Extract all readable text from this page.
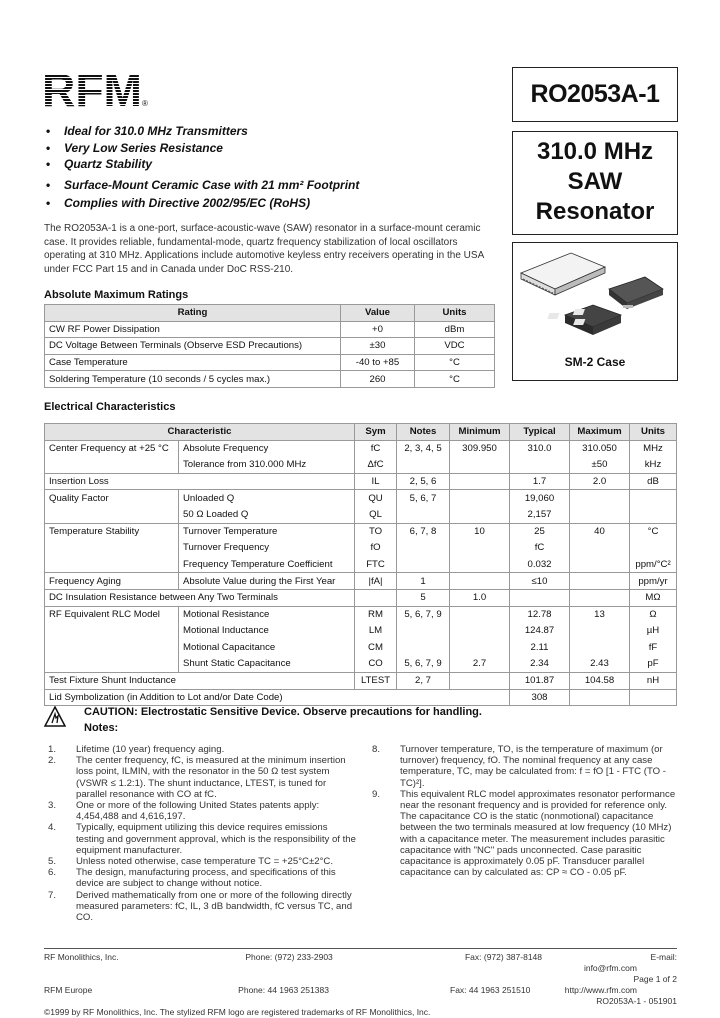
RFM ®	RO2053A-1
310.0 MHz
SAW
Resonator
SM-2 Case
• Ideal for 310.0 MHz Transmitters
• Very Low Series Resistance
• Quartz Stability
• Surface-Mount Ceramic Case with 21 mm² Footprint
• Complies with Directive 2002/95/EC (RoHS)

The RO2053A-1 is a one-port, surface-acoustic-wave (SAW) resonator in a surface-mount ceramic case. It provides reliable, fundamental-mode, quartz frequency stabilization of local oscillators operating at 310 MHz. Applications include automotive keyless entry receivers operating in the USA under FCC Part 15 and in Canada under DoC RSS-210.

Absolute Maximum Ratings
Rating	Value	Units
CW RF Power Dissipation	+0	dBm
DC Voltage Between Terminals (Observe ESD Precautions)	±30	VDC
Case Temperature	-40 to +85	°C
Soldering Temperature (10 seconds / 5 cycles max.)	260	°C
Electrical Characteristics
Characteristic		Sym	Notes	Minimum	Typical	Maximum	Units
Center Frequency at +25 °C	Absolute Frequency	fC	2, 3, 4, 5	309.950	310.0	310.050	MHz
	Tolerance from 310.000 MHz	ΔfC				±50	kHz
Insertion Loss		IL	2, 5, 6		1.7	2.0	dB
Quality Factor	Unloaded Q	QU	5, 6, 7		19,060		
	50 Ω Loaded Q	QL			2,157		
Temperature Stability	Turnover Temperature	TO	6, 7, 8	10	25	40	°C
	Turnover Frequency	fO			fC		
	Frequency Temperature Coefficient	FTC			0.032		ppm/°C²
Frequency Aging	Absolute Value during the First Year	|fA|	1		≤10		ppm/yr
DC Insulation Resistance between Any Two Terminals			5	1.0			MΩ
RF Equivalent RLC Model	Motional Resistance	RM	5, 6, 7, 9		12.78	13	Ω
	Motional Inductance	LM			124.87		µH
	Motional Capacitance	CM			2.11		fF
	Shunt Static Capacitance	CO	5, 6, 7, 9	2.7	2.34	2.43	pF
Test Fixture Shunt Inductance		LTEST	2, 7		101.87	104.58	nH
Lid Symbolization (in Addition to Lot and/or Date Code)					308		
CAUTION: Electrostatic Sensitive Device. Observe precautions for handling.
Notes:
1.	Lifetime (10 year) frequency aging.
2.	The center frequency, fC, is measured at the minimum insertion loss point, ILMIN, with the resonator in the 50 Ω test system (VSWR ≤ 1.2:1). The shunt inductance, LTEST, is tuned for parallel resonance with CO at fC.
3.	One or more of the following United States patents apply: 4,454,488 and 4,616,197.
4.	Typically, equipment utilizing this device requires emissions testing and government approval, which is the responsibility of the equipment manufacturer.
5.	Unless noted otherwise, case temperature TC = +25°C±2°C.
6.	The design, manufacturing process, and specifications of this device are subject to change without notice.
7.	Derived mathematically from one or more of the following directly measured parameters: fC, IL, 3 dB bandwidth, fC versus TC, and CO.
8.	Turnover temperature, TO, is the temperature of maximum (or turnover) frequency, fO. The nominal frequency at any case temperature, TC, may be calculated from: f = fO [1 - FTC (TO -TC)²].
9.	This equivalent RLC model approximates resonator performance near the resonant frequency and is provided for reference only. The capacitance CO is the static (nonmotional) capacitance between the two terminals measured at low frequency (10 MHz) with a capacitance meter. The measurement includes parasitic capacitance with "NC" pads unconnected. Case parasitic capacitance is approximately 0.05 pF. Transducer parallel capacitance can by calculated as: CP ≈ CO - 0.05 pF.
RF Monolithics, Inc.	Phone: (972) 233-2903	Fax: (972) 387-8148	E-mail: info@rfm.com Page 1 of 2
RFM Europe	Phone: 44 1963 251383	Fax: 44 1963 251510	http://www.rfm.com RO2053A-1 - 051901
©1999 by RF Monolithics, Inc. The stylized RFM logo are registered trademarks of RF Monolithics, Inc.
